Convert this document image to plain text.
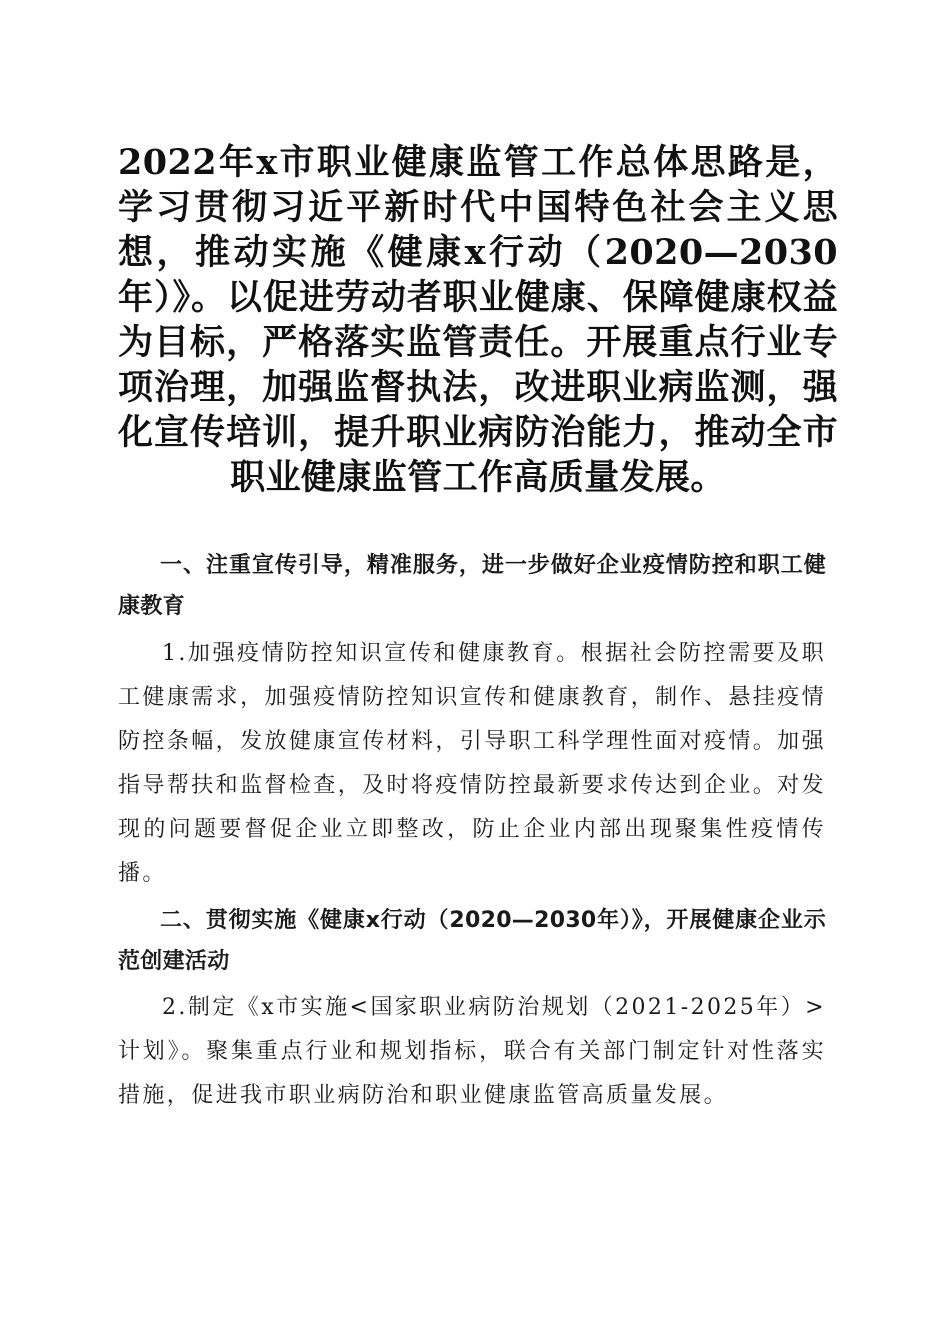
2022年x市职业健康监管工作总体思路是，学习贯彻习近平新时代中国特色社会主义思想，推动实施《健康x行动（2020—2030年）》。以促进劳动者职业健康、保障健康权益为目标，严格落实监管责任。开展重点行业专项治理，加强监督执法，改进职业病监测，强化宣传培训，提升职业病防治能力，推动全市职业健康监管工作高质量发展。
一、注重宣传引导，精准服务，进一步做好企业疫情防控和职工健康教育
1.加强疫情防控知识宣传和健康教育。根据社会防控需要及职工健康需求，加强疫情防控知识宣传和健康教育，制作、悬挂疫情防控条幅，发放健康宣传材料，引导职工科学理性面对疫情。加强指导帮扶和监督检查，及时将疫情防控最新要求传达到企业。对发现的问题要督促企业立即整改，防止企业内部出现聚集性疫情传播。
二、贯彻实施《健康x行动（2020—2030年）》，开展健康企业示范创建活动
2.制定《x市实施<国家职业病防治规划（2021-2025年）>计划》。聚集重点行业和规划指标，联合有关部门制定针对性落实措施，促进我市职业病防治和职业健康监管高质量发展。
